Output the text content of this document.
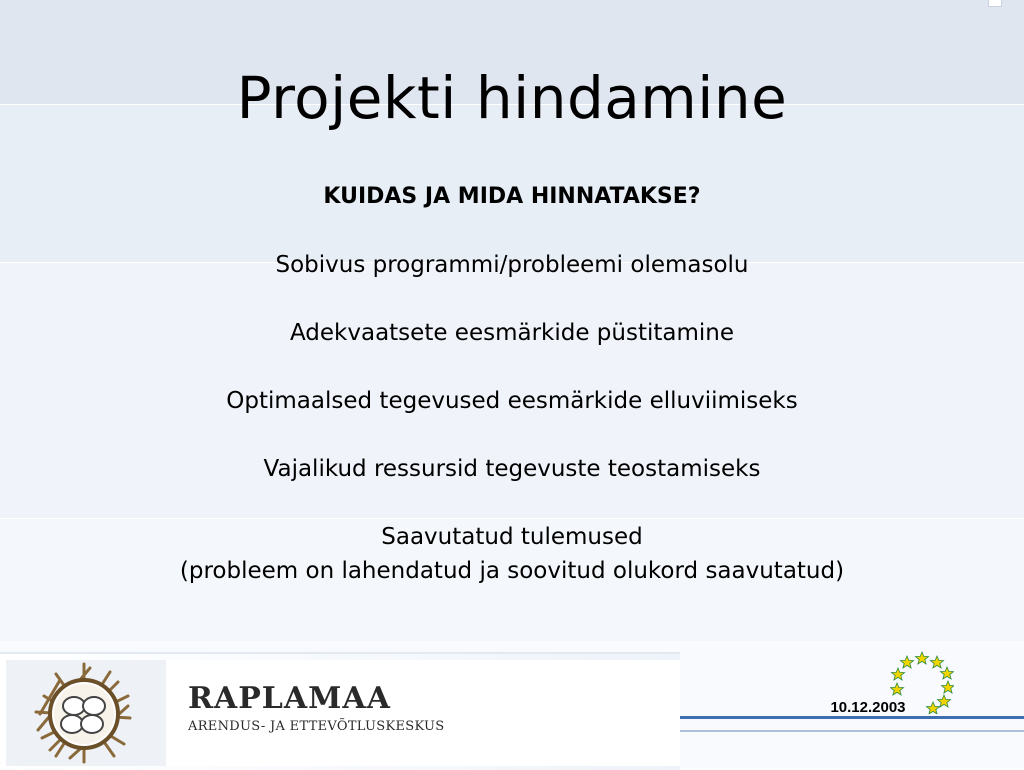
Projekti hindamine

KUIDAS JA MIDA HINNATAKSE?

Sobivus programmi/probleemi olemasolu

Adekvaatsete eesmärkide püstitamine

Optimaalsed tegevused eesmärkide elluviimiseks

Vajalikud ressursid tegevuste teostamiseks

Saavutatud tulemused

(probleem on lahendatud ja soovitud olukord saavutatud)

RAPLAMAA

ARENDUS- JA ETTEVÕTLUSKESKUS

10.12.2003
